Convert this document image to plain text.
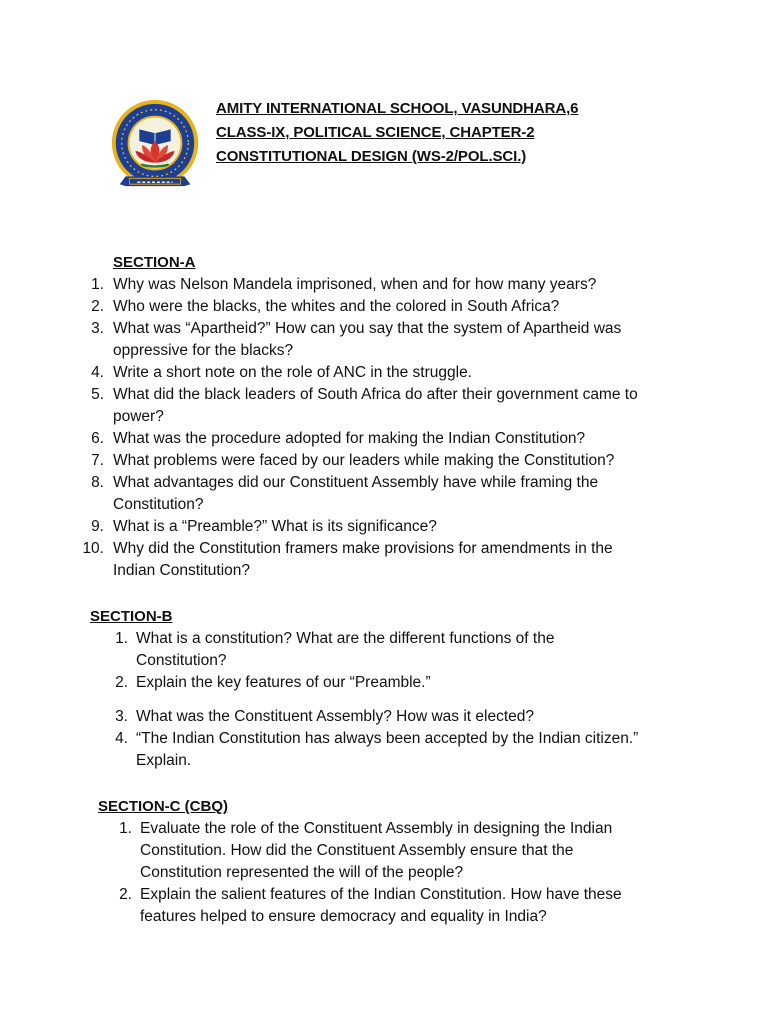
AMITY INTERNATIONAL SCHOOL, VASUNDHARA,6
CLASS-IX, POLITICAL SCIENCE, CHAPTER-2
CONSTITUTIONAL DESIGN (WS-2/POL.SCI.)
SECTION-A
1. Why was Nelson Mandela imprisoned, when and for how many years?
2. Who were the blacks, the whites and the colored in South Africa?
3. What was “Apartheid?” How can you say that the system of Apartheid was
oppressive for the blacks?
4. Write a short note on the role of ANC in the struggle.
5. What did the black leaders of South Africa do after their government came to
power?
6. What was the procedure adopted for making the Indian Constitution?
7. What problems were faced by our leaders while making the Constitution?
8. What advantages did our Constituent Assembly have while framing the
Constitution?
9. What is a “Preamble?” What is its significance?
10. Why did the Constitution framers make provisions for amendments in the
Indian Constitution?
SECTION-B
1. What is a constitution? What are the different functions of the
Constitution?
2. Explain the key features of our “Preamble.”
3. What was the Constituent Assembly? How was it elected?
4. “The Indian Constitution has always been accepted by the Indian citizen.”
Explain.
SECTION-C (CBQ)
1. Evaluate the role of the Constituent Assembly in designing the Indian
Constitution. How did the Constituent Assembly ensure that the
Constitution represented the will of the people?
2. Explain the salient features of the Indian Constitution. How have these
features helped to ensure democracy and equality in India?
